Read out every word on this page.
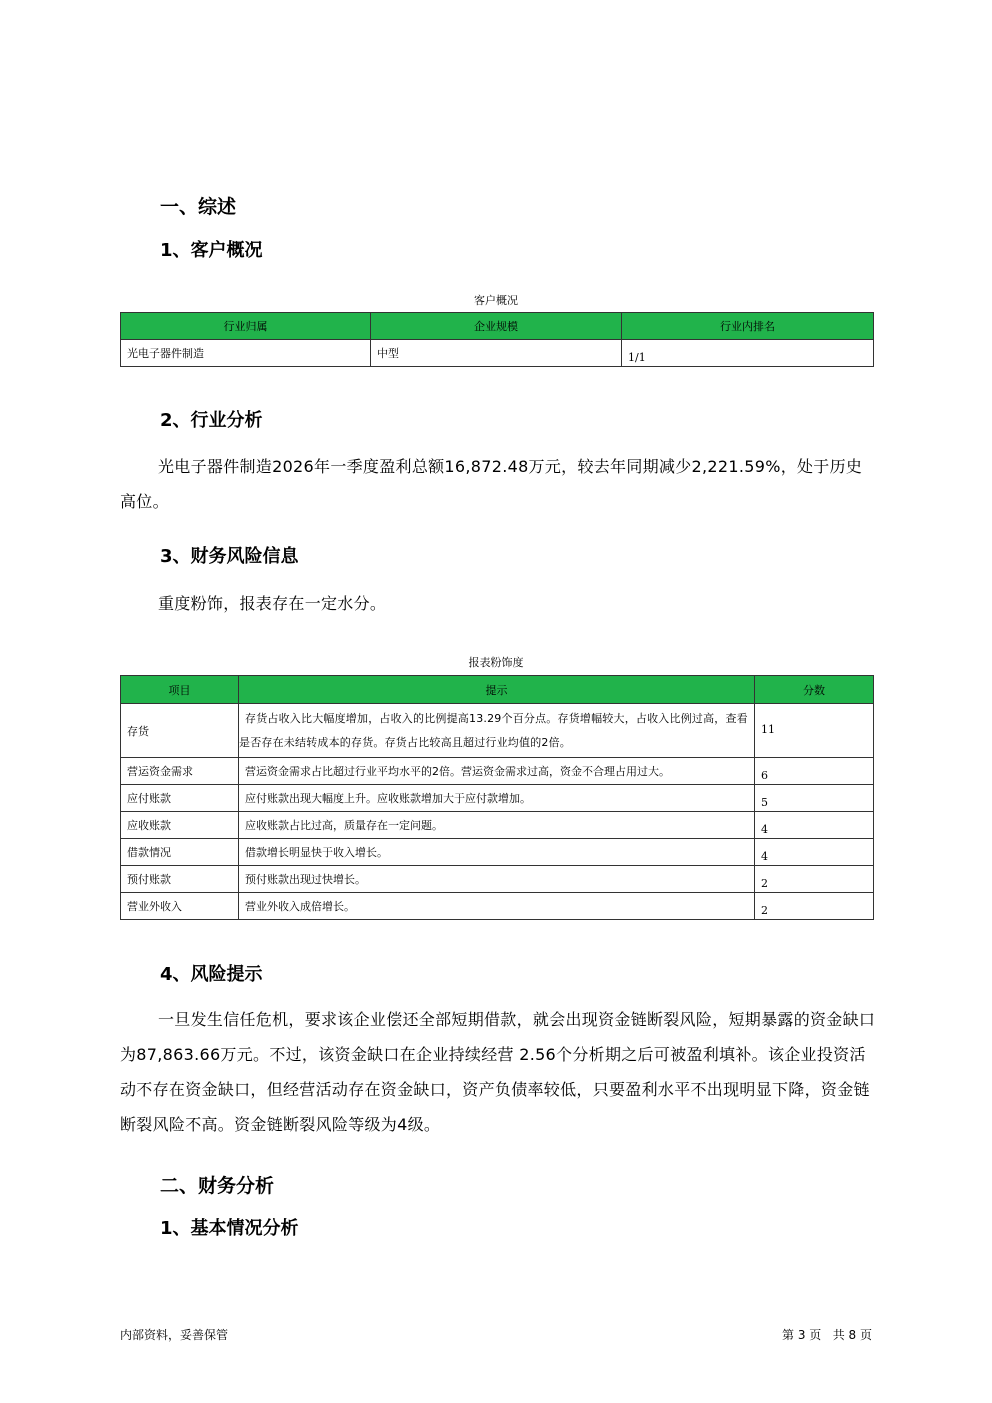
一、综述
1、客户概况
客户概况
行业归属	企业规模	行业内排名
光电子器件制造	中型	1/1
2、行业分析
光电子器件制造2026年一季度盈利总额16,872.48万元，较去年同期减少2,221.59%，处于历史高位。
3、财务风险信息
重度粉饰，报表存在一定水分。
报表粉饰度
项目	提示	分数
存货	存货占收入比大幅度增加，占收入的比例提高13.29个百分点。存货增幅较大，占收入比例过高，查看是否存在未结转成本的存货。存货占比较高且超过行业均值的2倍。	11
营运资金需求	营运资金需求占比超过行业平均水平的2倍。营运资金需求过高，资金不合理占用过大。	6
应付账款	应付账款出现大幅度上升。应收账款增加大于应付款增加。	5
应收账款	应收账款占比过高，质量存在一定问题。	4
借款情况	借款增长明显快于收入增长。	4
预付账款	预付账款出现过快增长。	2
营业外收入	营业外收入成倍增长。	2
4、风险提示
一旦发生信任危机，要求该企业偿还全部短期借款，就会出现资金链断裂风险，短期暴露的资金缺口为87,863.66万元。不过，该资金缺口在企业持续经营 2.56个分析期之后可被盈利填补。该企业投资活动不存在资金缺口，但经营活动存在资金缺口，资产负债率较低，只要盈利水平不出现明显下降，资金链断裂风险不高。资金链断裂风险等级为4级。
二、财务分析
1、基本情况分析
内部资料，妥善保管	第 3 页   共 8 页
